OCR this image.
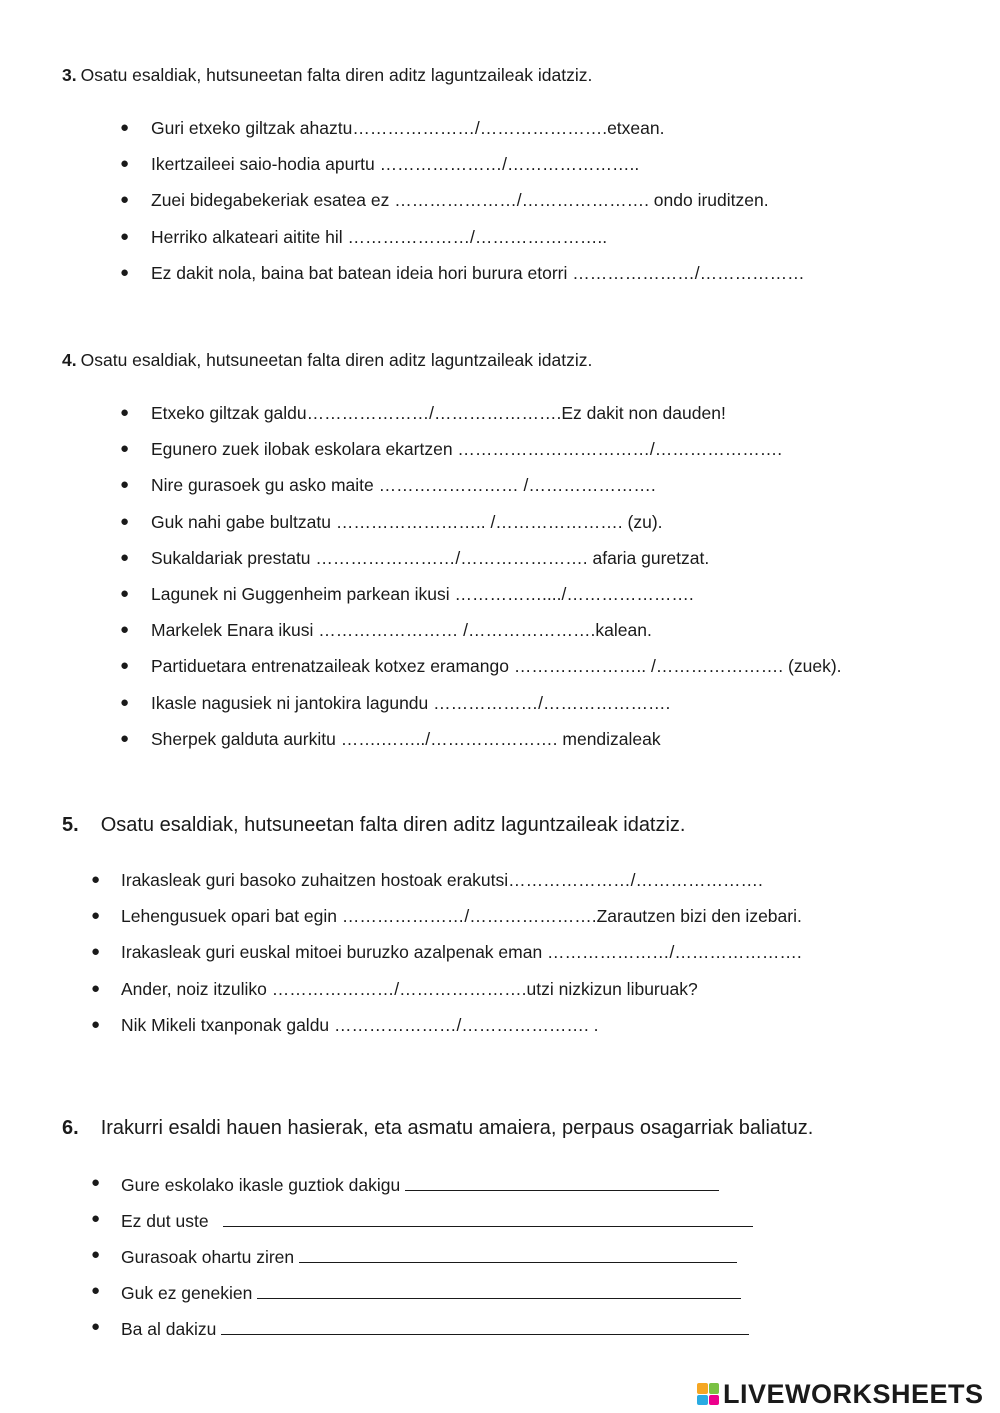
3. Osatu esaldiak, hutsuneetan falta diren aditz laguntzaileak idatziz.
● Guri etxeko giltzak ahaztu…………………/………………….etxean.
● Ikertzaileei saio-hodia apurtu …………………/…………………..
● Zuei bidegabekeriak esatea ez …………………/…………………. ondo iruditzen.
● Herriko alkateari aitite hil …………………/…………………..
● Ez dakit nola, baina bat batean ideia hori burura etorri …………………/………………
4. Osatu esaldiak, hutsuneetan falta diren aditz laguntzaileak idatziz.
● Etxeko giltzak galdu…………………/………………….Ez dakit non dauden!
● Egunero zuek ilobak eskolara ekartzen ……………………………/………………….
● Nire gurasoek gu asko maite …………………… /………………….
● Guk nahi gabe bultzatu …………………….. /…………………. (zu).
● Sukaldariak prestatu ……………………/…………………. afaria guretzat.
● Lagunek ni Guggenheim parkean ikusi ……………..../………………….
● Markelek Enara ikusi …………………… /………………….kalean.
● Partiduetara entrenatzaileak kotxez eramango ………………….. /…………………. (zuek).
● Ikasle nagusiek ni jantokira lagundu ………………/………………….
● Sherpek galduta aurkitu …….……../…………………. mendizaleak
5. Osatu esaldiak, hutsuneetan falta diren aditz laguntzaileak idatziz.
● Irakasleak guri basoko zuhaitzen hostoak erakutsi…………………/………………….
● Lehengusuek opari bat egin …………………/………………….Zarautzen bizi den izebari.
● Irakasleak guri euskal mitoei buruzko azalpenak eman …………………/………………….
● Ander, noiz itzuliko …………………/………………….utzi nizkizun liburuak?
● Nik Mikeli txanponak galdu …………………/…………………. .
6. Irakurri esaldi hauen hasierak, eta asmatu amaiera, perpaus osagarriak baliatuz.
● Gure eskolako ikasle guztiok dakigu
● Ez dut uste
● Gurasoak ohartu ziren
● Guk ez genekien
● Ba al dakizu
LIVEWORKSHEETS
